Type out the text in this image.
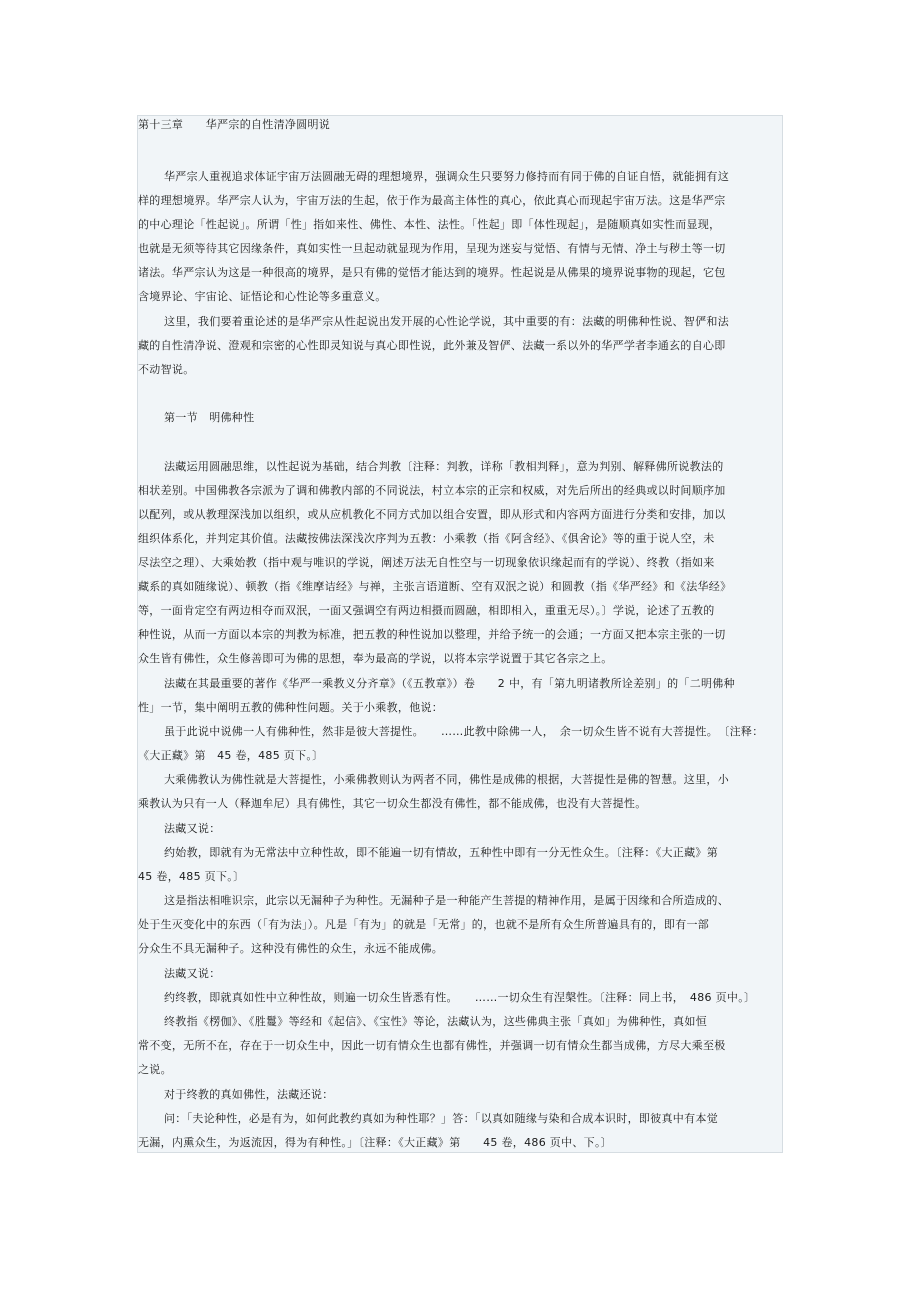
第十三章　　华严宗的自性清净圆明说
华严宗人重视追求体证宇宙万法圆融无碍的理想境界，强调众生只要努力修持而有同于佛的自证自悟，就能拥有这
样的理想境界。华严宗人认为，宇宙万法的生起，依于作为最高主体性的真心，依此真心而现起宇宙万法。这是华严宗
的中心理论「性起说」。所谓「性」指如来性、佛性、本性、法性。「性起」即「体性现起」，是随顺真如实性而显现，
也就是无须等待其它因缘条件，真如实性一旦起动就显现为作用，呈现为迷妄与觉悟、有情与无情、净土与秽土等一切
诸法。华严宗认为这是一种很高的境界，是只有佛的觉悟才能达到的境界。性起说是从佛果的境界说事物的现起，它包
含境界论、宇宙论、证悟论和心性论等多重意义。
这里，我们要着重论述的是华严宗从性起说出发开展的心性论学说，其中重要的有：法藏的明佛种性说、智俨和法
藏的自性清净说、澄观和宗密的心性即灵知说与真心即性说，此外兼及智俨、法藏一系以外的华严学者李通玄的自心即
不动智说。
第一节　明佛种性
法藏运用圆融思维，以性起说为基础，结合判教〔注释：判教，详称「教相判释」，意为判别、解释佛所说教法的
相状差别。中国佛教各宗派为了调和佛教内部的不同说法，村立本宗的正宗和权威，对先后所出的经典或以时间顺序加
以配列，或从教理深浅加以组织，或从应机教化不同方式加以组合安置，即从形式和内容两方面进行分类和安排，加以
组织体系化，并判定其价值。法藏按佛法深浅次序判为五教：小乘教（指《阿含经》、《俱舍论》等的重于说人空，未
尽法空之理）、大乘始教（指中观与唯识的学说，阐述万法无自性空与一切现象依识缘起而有的学说）、终教（指如来
藏系的真如随缘说）、顿教（指《维摩诘经》与禅，主张言语道断、空有双泯之说）和圆教（指《华严经》和《法华经》
等，一面肯定空有两边相夺而双泯，一面又强调空有两边相摄而圆融，相即相入，重重无尽）。〕学说，论述了五教的
种性说，从而一方面以本宗的判教为标准，把五教的种性说加以整理，并给予统一的会通；一方面又把本宗主张的一切
众生皆有佛性，众生修善即可为佛的思想，奉为最高的学说，以将本宗学说置于其它各宗之上。
法藏在其最重要的著作《华严一乘教义分齐章》（《五教章》）卷　　2 中，有「第九明诸教所诠差别」的「二明佛种
性」一节，集中阐明五教的佛种性问题。关于小乘教，他说：
虽于此说中说佛一人有佛种性，然非是彼大菩提性。　　……此教中除佛一人，　余一切众生皆不说有大菩提性。　〔注释：
《大正藏》第　45 卷，485 页下。〕
大乘佛教认为佛性就是大菩提性，小乘佛教则认为两者不同，佛性是成佛的根据，大菩提性是佛的智慧。这里，小
乘教认为只有一人（释迦牟尼）具有佛性，其它一切众生都没有佛性，都不能成佛，也没有大菩提性。
法藏又说：
约始教，即就有为无常法中立种性故，即不能遍一切有情故，五种性中即有一分无性众生。〔注释：《大正藏》第
45 卷，485 页下。〕
这是指法相唯识宗，此宗以无漏种子为种性。无漏种子是一种能产生菩提的精神作用，是属于因缘和合所造成的、
处于生灭变化中的东西（「有为法」）。凡是「有为」的就是「无常」的，也就不是所有众生所普遍具有的，即有一部
分众生不具无漏种子。这种没有佛性的众生，永远不能成佛。
法藏又说：
约终教，即就真如性中立种性故，则遍一切众生皆悉有性。　　……一切众生有涅槃性。〔注释：同上书，　486 页中。〕
终教指《楞伽》、《胜鬘》等经和《起信》、《宝性》等论，法藏认为，这些佛典主张「真如」为佛种性，真如恒
常不变，无所不在，存在于一切众生中，因此一切有情众生也都有佛性，并强调一切有情众生都当成佛，方尽大乘至极
之说。
对于终教的真如佛性，法藏还说：
问：「夫论种性，必是有为，如何此教约真如为种性耶？」答：「以真如随缘与染和合成本识时，即彼真中有本觉
无漏，内熏众生，为返流因，得为有种性。」〔注释：《大正藏》第　　45 卷，486 页中、下。〕
